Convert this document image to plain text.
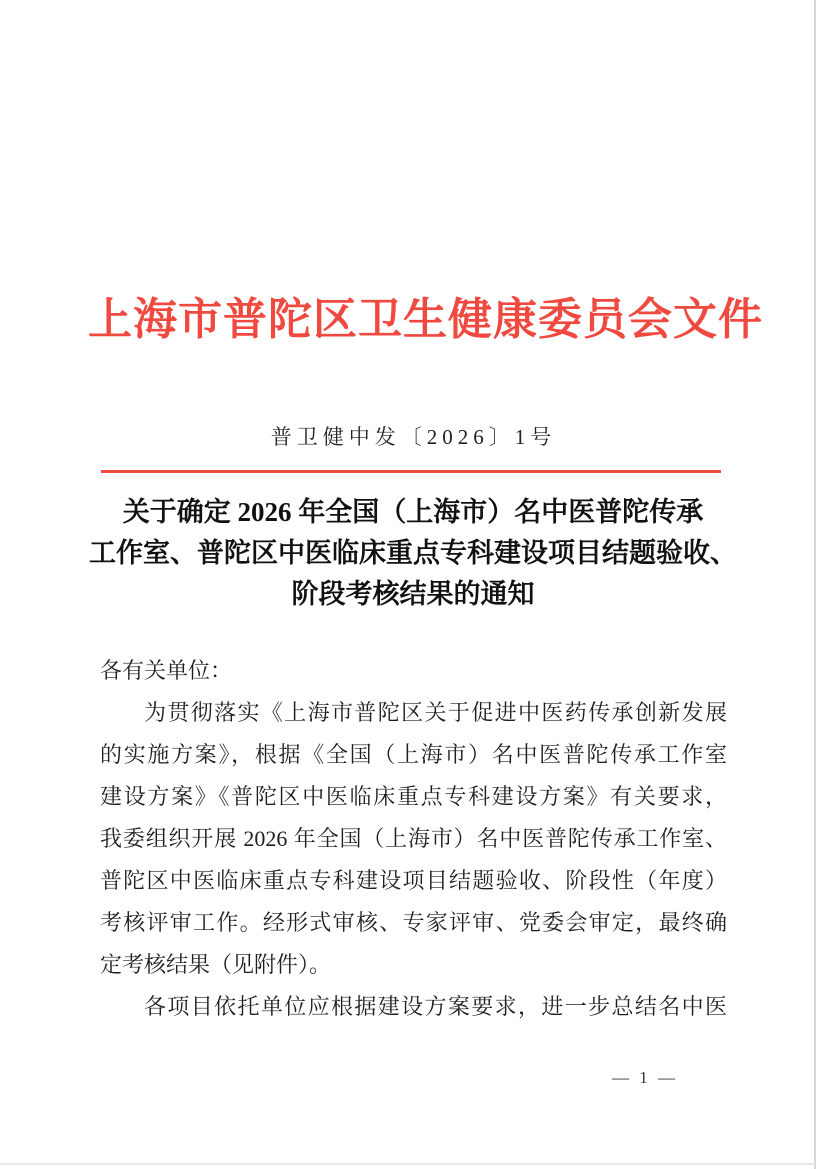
上海市普陀区卫生健康委员会文件
普卫健中发〔2026〕1号
关于确定 2026 年全国（上海市）名中医普陀传承
工作室、普陀区中医临床重点专科建设项目结题验收、
阶段考核结果的通知
各有关单位：
为贯彻落实《上海市普陀区关于促进中医药传承创新发展
的实施方案》，根据《全国（上海市）名中医普陀传承工作室
建设方案》《普陀区中医临床重点专科建设方案》有关要求，
我委组织开展 2026 年全国（上海市）名中医普陀传承工作室、
普陀区中医临床重点专科建设项目结题验收、阶段性（年度）
考核评审工作。经形式审核、专家评审、党委会审定，最终确
定考核结果（见附件）。
各项目依托单位应根据建设方案要求，进一步总结名中医
— 1 —
